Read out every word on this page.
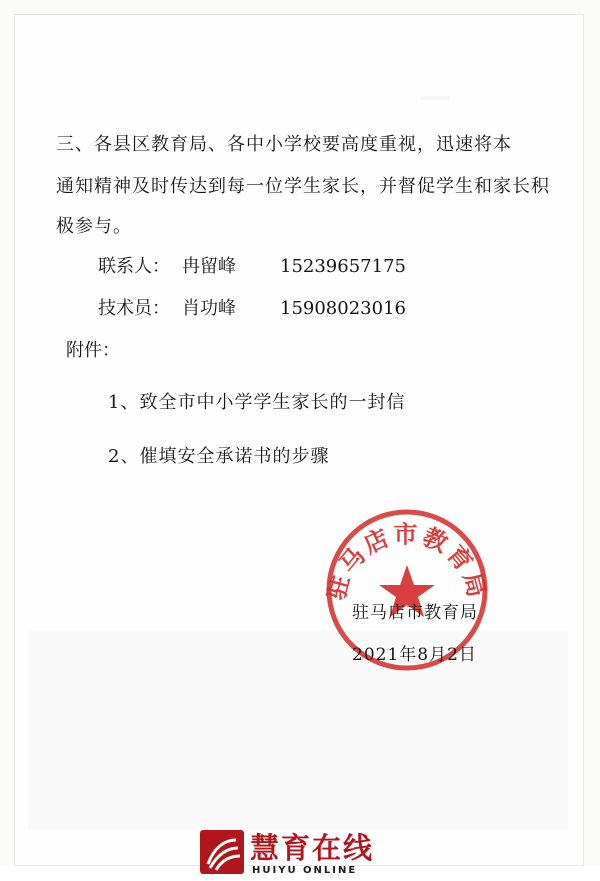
三、各县区教育局、各中小学校要高度重视，迅速将本
通知精神及时传达到每一位学生家长，并督促学生和家长积
极参与。
联系人： 冉留峰 15239657175
技术员： 肖功峰 15908023016
附件：
1、致全市中小学学生家长的一封信
2、催填安全承诺书的步骤
驻马店市教育局
驻马店市教育局
2021年8月2日
慧育在线
HUIYU ONLINE
